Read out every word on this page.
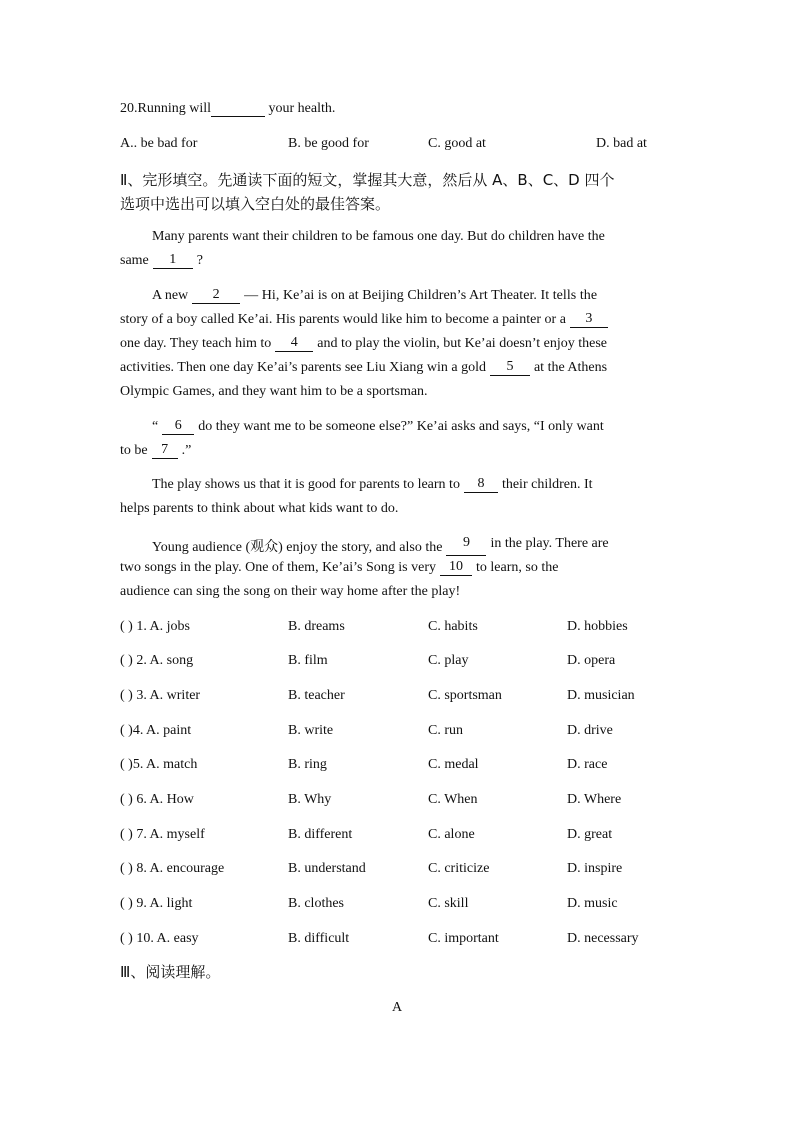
20.Running will	your health.
A.. be bad for	B. be good for	C. good at	D. bad at
Ⅱ、完形填空。先通读下面的短文，掌握其大意，然后从 A、B、C、D 四个
选项中选出可以填入空白处的最佳答案。
Many parents want their children to be famous one day. But do children have the
same	1	?
A new	2	— Hi, Ke’ai is on at Beijing Children’s Art Theater. It tells the
story of a boy called Ke’ai. His parents would like him to become a painter or a	3
one day. They teach him to	4	and to play the violin, but Ke’ai doesn’t enjoy these
activities. Then one day Ke’ai’s parents see Liu Xiang win a gold	5	at the Athens
Olympic Games, and they want him to be a sportsman.
“	6	do they want me to be someone else?” Ke’ai asks and says, “I only want
to be 7 .”
The play shows us that it is good for parents to learn to	8	their children. It
helps parents to think about what kids want to do.
Young audience (观众) enjoy the story, and also the	9	in the play. There are
two songs in the play. One of them, Ke’ai’s Song is very 10 to learn, so the
audience can sing the song on their way home after the play!
( ) 1. A. jobs	B. dreams	C. habits	D. hobbies
( ) 2. A. song	B. film	C. play	D. opera
( ) 3. A. writer	B. teacher	C. sportsman	D. musician
( )4. A. paint	B. write	C. run	D. drive
( )5. A. match	B. ring	C. medal	D. race
( ) 6. A. How	B. Why	C. When	D. Where
( ) 7. A. myself	B. different	C. alone	D. great
( ) 8. A. encourage	B. understand	C. criticize	D. inspire
( ) 9. A. light	B. clothes	C. skill	D. music
( ) 10. A. easy	B. difficult	C. important	D. necessary
Ⅲ、阅读理解。
A
